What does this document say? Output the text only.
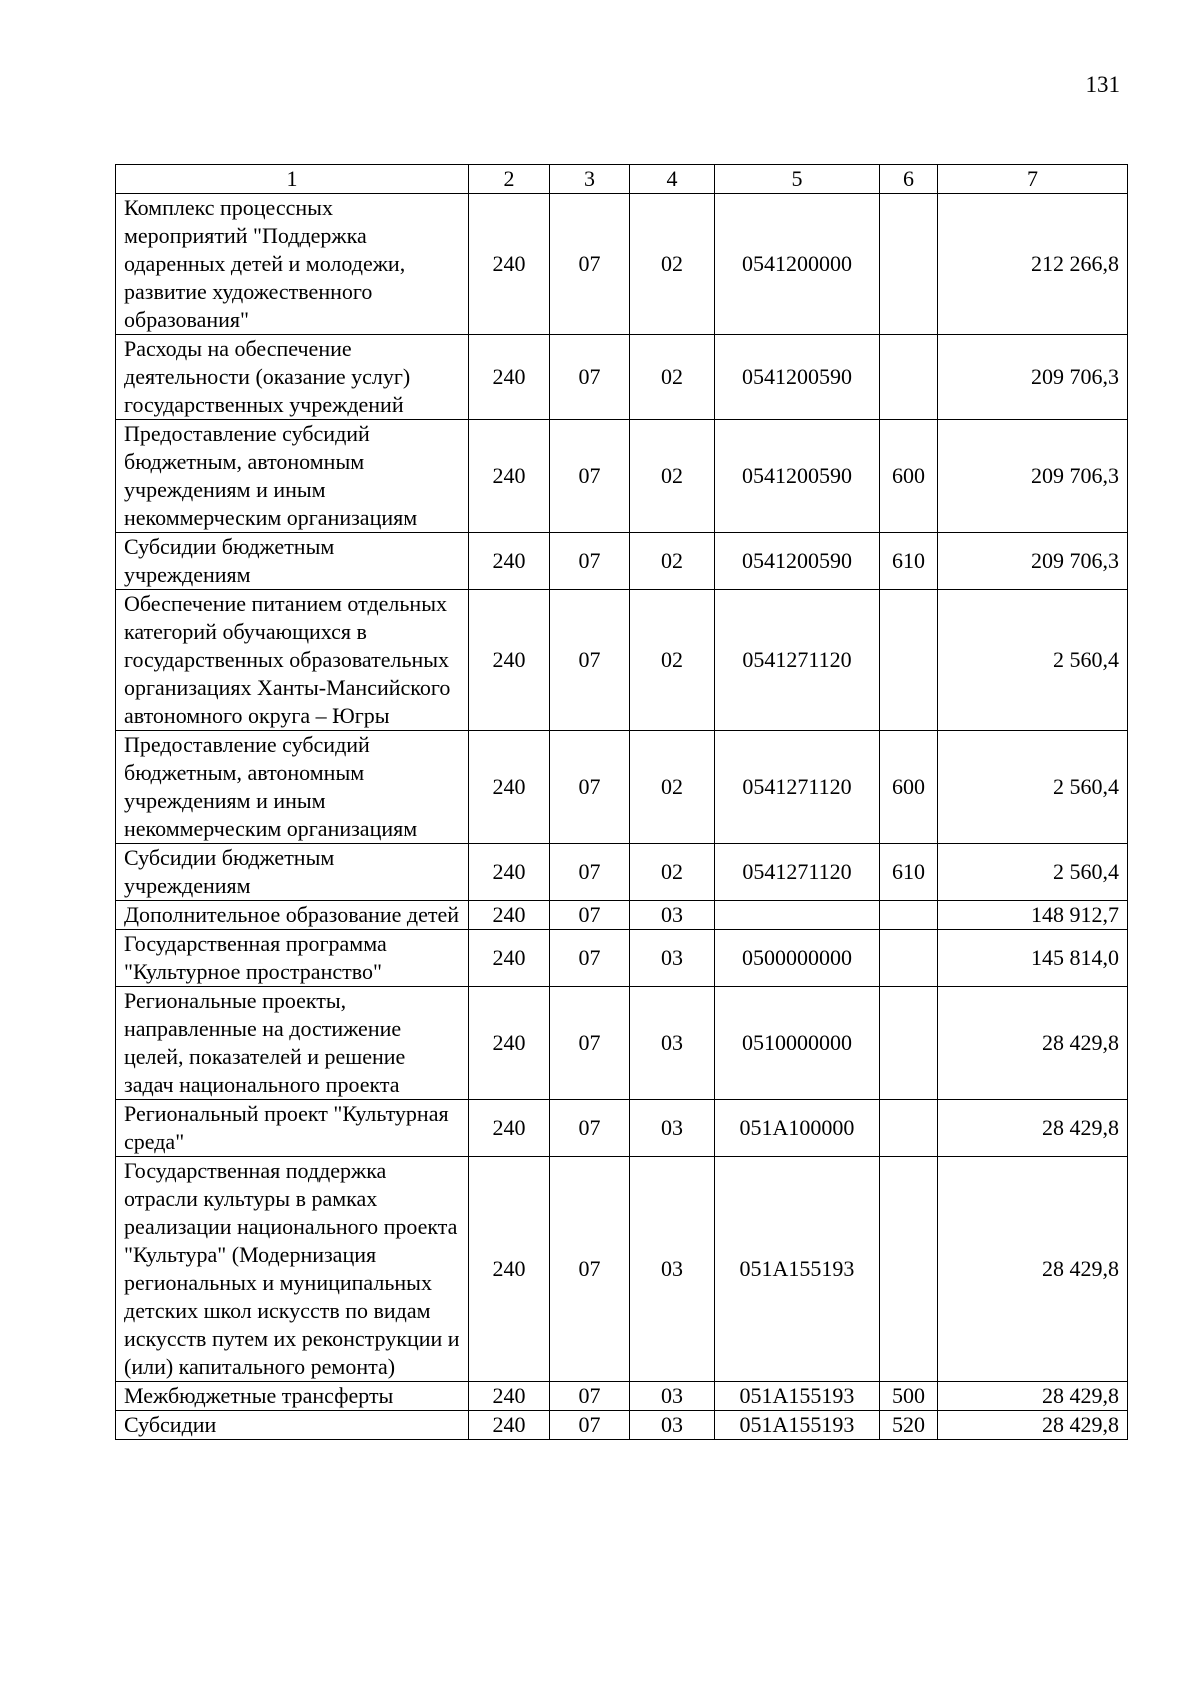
131
1	2	3	4	5	6	7
Комплекс процессных мероприятий "Поддержка одаренных детей и молодежи, развитие художественного образования"	240	07	02	0541200000		212 266,8
Расходы на обеспечение деятельности (оказание услуг) государственных учреждений	240	07	02	0541200590		209 706,3
Предоставление субсидий бюджетным, автономным учреждениям и иным некоммерческим организациям	240	07	02	0541200590	600	209 706,3
Субсидии бюджетным учреждениям	240	07	02	0541200590	610	209 706,3
Обеспечение питанием отдельных категорий обучающихся в государственных образовательных организациях Ханты-Мансийского автономного округа – Югры	240	07	02	0541271120		2 560,4
Предоставление субсидий бюджетным, автономным учреждениям и иным некоммерческим организациям	240	07	02	0541271120	600	2 560,4
Субсидии бюджетным учреждениям	240	07	02	0541271120	610	2 560,4
Дополнительное образование детей	240	07	03			148 912,7
Государственная программа "Культурное пространство"	240	07	03	0500000000		145 814,0
Региональные проекты, направленные на достижение целей, показателей и решение задач национального проекта	240	07	03	0510000000		28 429,8
Региональный проект "Культурная среда"	240	07	03	051A100000		28 429,8
Государственная поддержка отрасли культуры в рамках реализации национального проекта "Культура" (Модернизация региональных и муниципальных детских школ искусств по видам искусств путем их реконструкции и (или) капитального ремонта)	240	07	03	051A155193		28 429,8
Межбюджетные трансферты	240	07	03	051A155193	500	28 429,8
Субсидии	240	07	03	051A155193	520	28 429,8
